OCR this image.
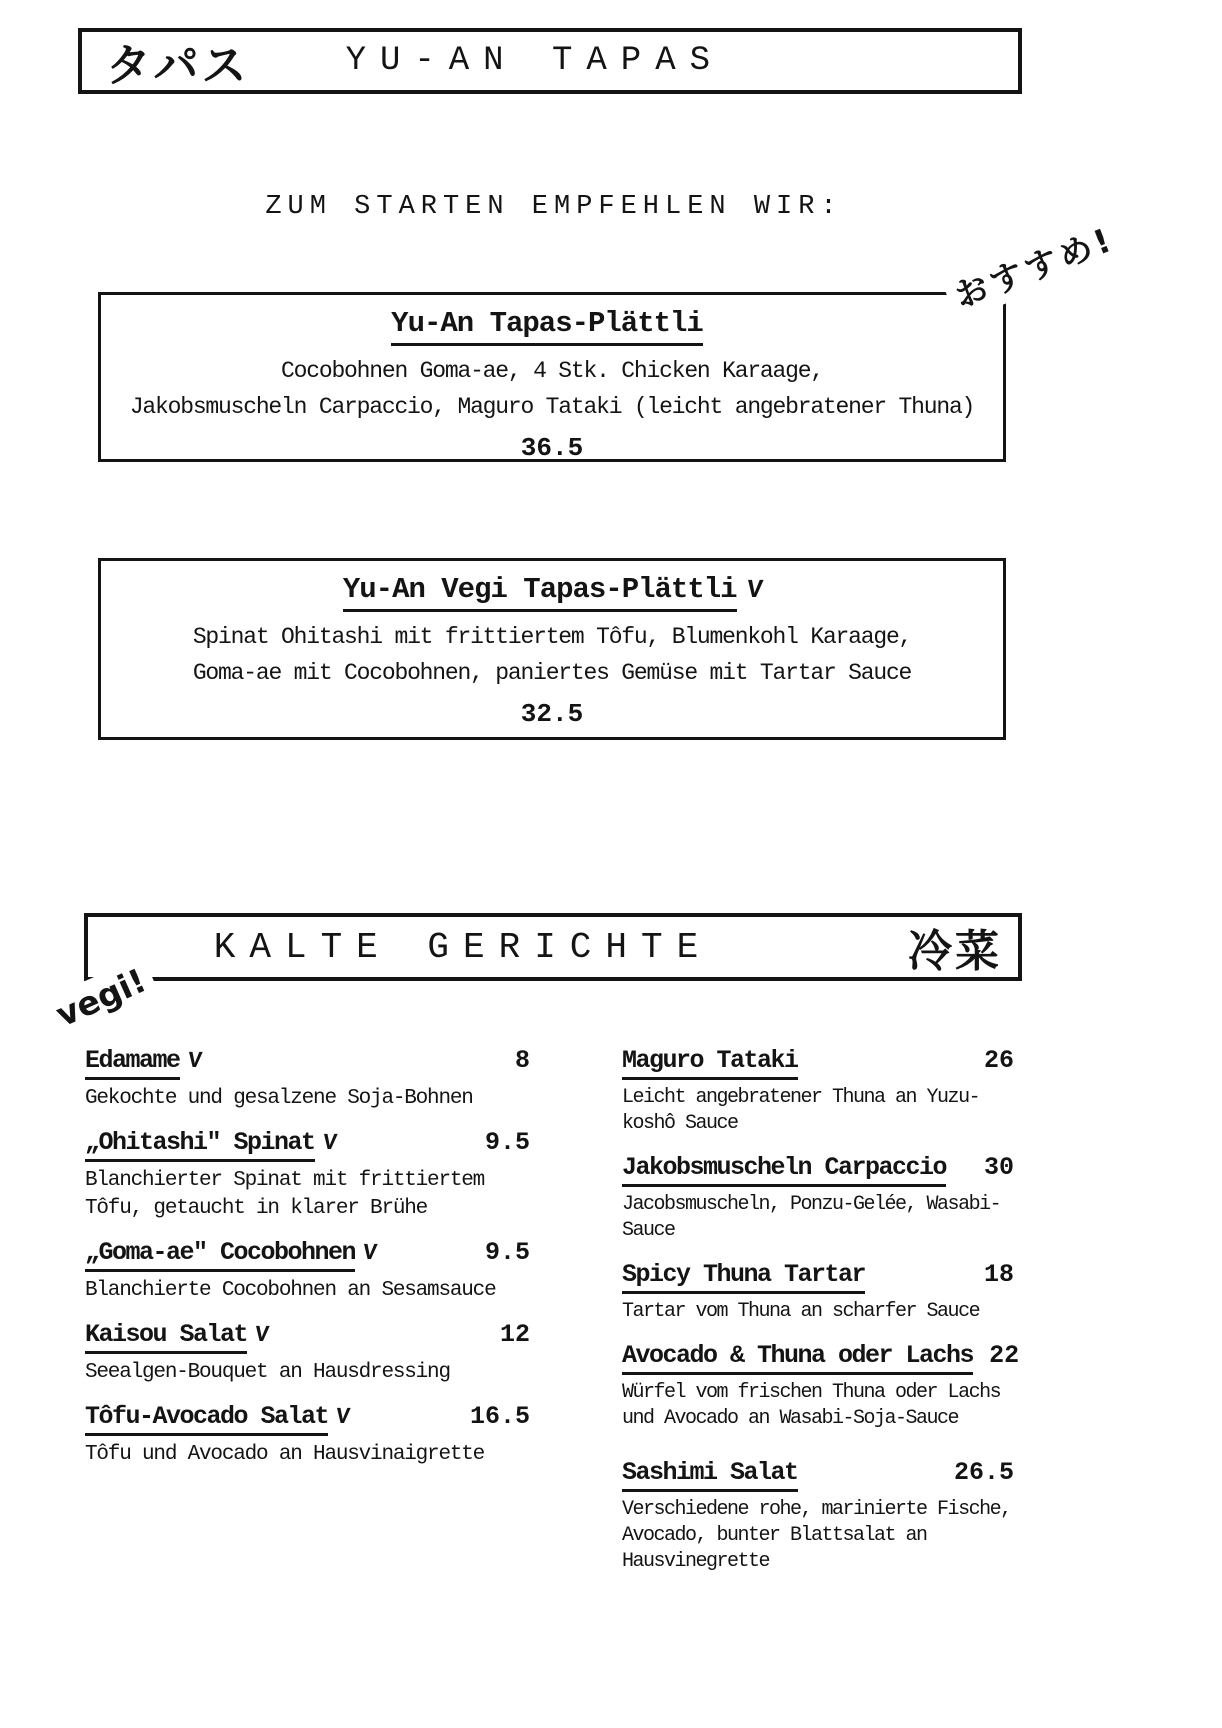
タパス	YU-AN TAPAS
ZUM STARTEN EMPFEHLEN WIR:
Yu-An Tapas-Plättli
Cocobohnen Goma-ae, 4 Stk. Chicken Karaage,
Jakobsmuscheln Carpaccio, Maguro Tataki (leicht angebratener Thuna)
36.5
おすすめ!
Yu-An Vegi Tapas-Plättli V
Spinat Ohitashi mit frittiertem Tôfu, Blumenkohl Karaage,
Goma-ae mit Cocobohnen, paniertes Gemüse mit Tartar Sauce
32.5
KALTE GERICHTE	冷菜
vegi!
Edamame V	8
Gekochte und gesalzene Soja-Bohnen
„Ohitashi" Spinat V	9.5
Blanchierter Spinat mit frittiertem Tôfu, getaucht in klarer Brühe
„Goma-ae" Cocobohnen V	9.5
Blanchierte Cocobohnen an Sesamsauce
Kaisou Salat V	12
Seealgen-Bouquet an Hausdressing
Tôfu-Avocado Salat V	16.5
Tôfu und Avocado an Hausvinaigrette
Maguro Tataki	26
Leicht angebratener Thuna an Yuzu-koshô Sauce
Jakobsmuscheln Carpaccio	30
Jacobsmuscheln, Ponzu-Gelée, Wasabi-Sauce
Spicy Thuna Tartar	18
Tartar vom Thuna an scharfer Sauce
Avocado & Thuna oder Lachs 22
Würfel vom frischen Thuna oder Lachs und Avocado an Wasabi-Soja-Sauce
Sashimi Salat	26.5
Verschiedene rohe, marinierte Fische, Avocado, bunter Blattsalat an Hausvinegrette
